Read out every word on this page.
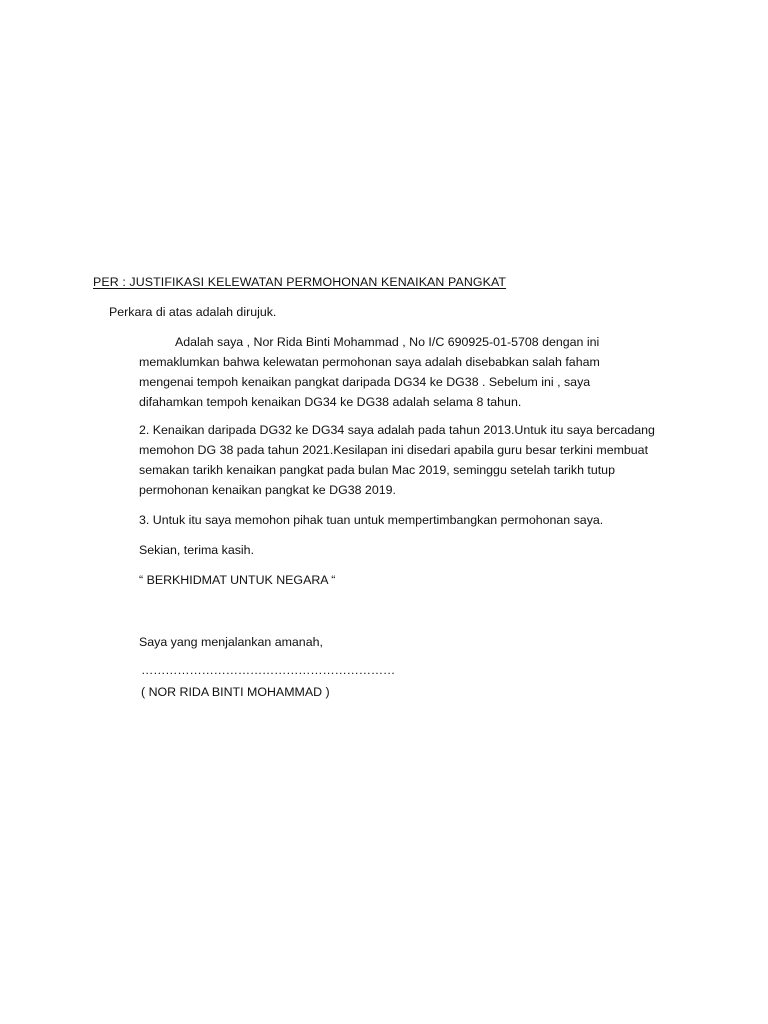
PER : JUSTIFIKASI KELEWATAN PERMOHONAN KENAIKAN PANGKAT
Perkara di atas adalah dirujuk.
Adalah saya , Nor Rida Binti Mohammad , No I/C 690925-01-5708 dengan ini
memaklumkan bahwa kelewatan permohonan saya adalah disebabkan salah faham
mengenai tempoh kenaikan pangkat daripada DG34 ke DG38 . Sebelum ini , saya
difahamkan tempoh kenaikan DG34 ke DG38 adalah selama 8 tahun.
2. Kenaikan daripada DG32 ke DG34 saya adalah pada tahun 2013.Untuk itu saya bercadang
memohon DG 38 pada tahun 2021.Kesilapan ini disedari apabila guru besar terkini membuat
semakan tarikh kenaikan pangkat pada bulan Mac 2019, seminggu setelah tarikh tutup
permohonan kenaikan pangkat ke DG38 2019.
3. Untuk itu saya memohon pihak tuan untuk mempertimbangkan permohonan saya.
Sekian, terima kasih.
“ BERKHIDMAT UNTUK NEGARA “
Saya yang menjalankan amanah,
………………………………………………………
( NOR RIDA BINTI MOHAMMAD )
